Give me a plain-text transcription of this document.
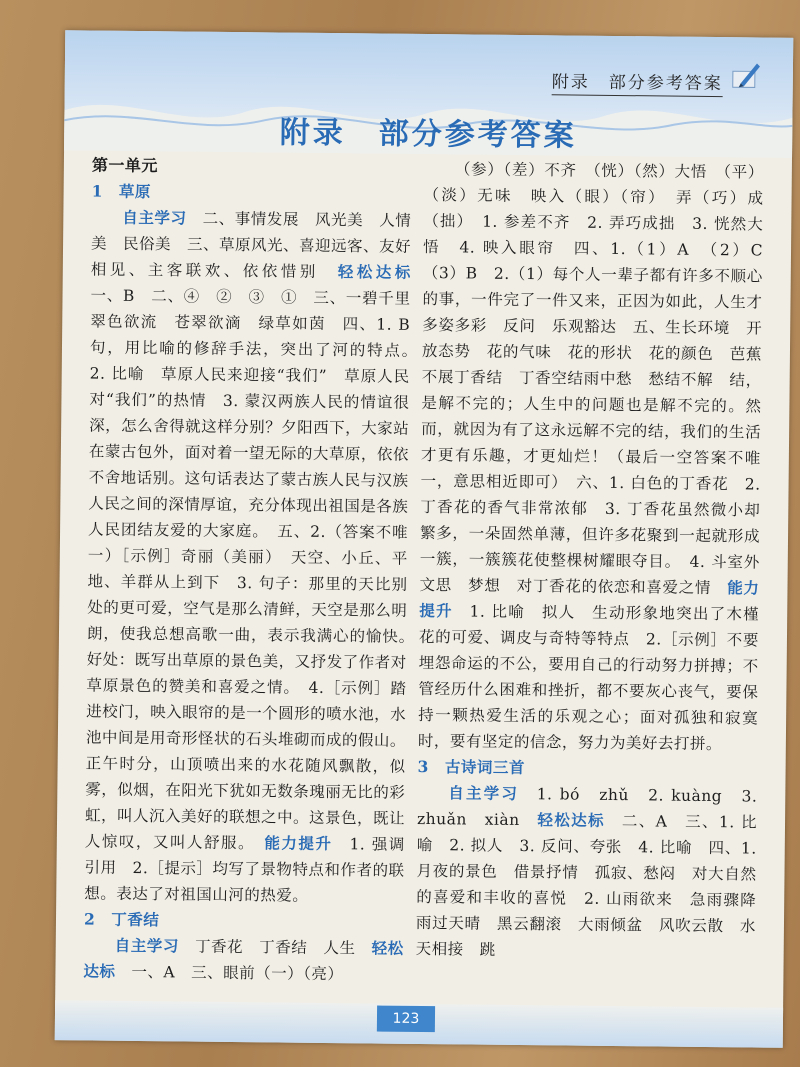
附录　部分参考答案
附录　部分参考答案

第一单元

1　草原

自主学习　二、事情发展　风光美　人情美　民俗美　三、草原风光、喜迎远客、友好相见、主客联欢、依依惜别　轻松达标　一、B　二、④　②　③　①　三、一碧千里　翠色欲流　苍翠欲滴　绿草如茵　四、1. B句，用比喻的修辞手法，突出了河的特点。　2. 比喻　草原人民来迎接“我们”　草原人民对“我们”的热情　3. 蒙汉两族人民的情谊很深，怎么舍得就这样分别？夕阳西下，大家站在蒙古包外，面对着一望无际的大草原，依依不舍地话别。这句话表达了蒙古族人民与汉族人民之间的深情厚谊，充分体现出祖国是各族人民团结友爱的大家庭。　五、2.（答案不唯一）［示例］奇丽（美丽）　天空、小丘、平地、羊群从上到下　3. 句子：那里的天比别处的更可爱，空气是那么清鲜，天空是那么明朗，使我总想高歌一曲，表示我满心的愉快。　好处：既写出草原的景色美，又抒发了作者对草原景色的赞美和喜爱之情。　4.［示例］踏进校门，映入眼帘的是一个圆形的喷水池，水池中间是用奇形怪状的石头堆砌而成的假山。正午时分，山顶喷出来的水花随风飘散，似雾，似烟，在阳光下犹如无数条瑰丽无比的彩虹，叫人沉入美好的联想之中。这景色，既让人惊叹，又叫人舒服。　能力提升　1. 强调　引用　2.［提示］均写了景物特点和作者的联想。表达了对祖国山河的热爱。

2　丁香结

自主学习　丁香花　丁香结　人生　轻松达标　一、A　三、眼前（一）（亮）

（参）（差）不齐　（恍）（然）大悟　（平）（淡）无味　映入（眼）（帘）　弄（巧）成（拙）　1. 参差不齐　2. 弄巧成拙　3. 恍然大悟　4. 映入眼帘　四、1.（1）A　（2）C　（3）B　2.（1）每个人一辈子都有许多不顺心的事，一件完了一件又来，正因为如此，人生才多姿多彩　反问　乐观豁达　五、生长环境　开放态势　花的气味　花的形状　花的颜色　芭蕉不展丁香结　丁香空结雨中愁　愁结不解　结，是解不完的；人生中的问题也是解不完的。然而，就因为有了这永远解不完的结，我们的生活才更有乐趣，才更灿烂！（最后一空答案不唯一，意思相近即可）　六、1. 白色的丁香花　2. 丁香花的香气非常浓郁　3. 丁香花虽然微小却繁多，一朵固然单薄，但许多花聚到一起就形成一簇，一簇簇花使整棵树耀眼夺目。　4. 斗室外　文思　梦想　对丁香花的依恋和喜爱之情　能力提升　1. 比喻　拟人　生动形象地突出了木槿花的可爱、调皮与奇特等特点　2.［示例］不要埋怨命运的不公，要用自己的行动努力拼搏；不管经历什么困难和挫折，都不要灰心丧气，要保持一颗热爱生活的乐观之心；面对孤独和寂寞时，要有坚定的信念，努力为美好去打拼。

3　古诗词三首

自主学习　1. bó　zhǔ　2. kuàng　3. zhuǎn　xiàn　轻松达标　二、A　三、1. 比喻　2. 拟人　3. 反问、夸张　4. 比喻　四、1. 月夜的景色　借景抒情　孤寂、愁闷　对大自然的喜爱和丰收的喜悦　2. 山雨欲来　急雨骤降　雨过天晴　黑云翻滚　大雨倾盆　风吹云散　水天相接　跳

123
